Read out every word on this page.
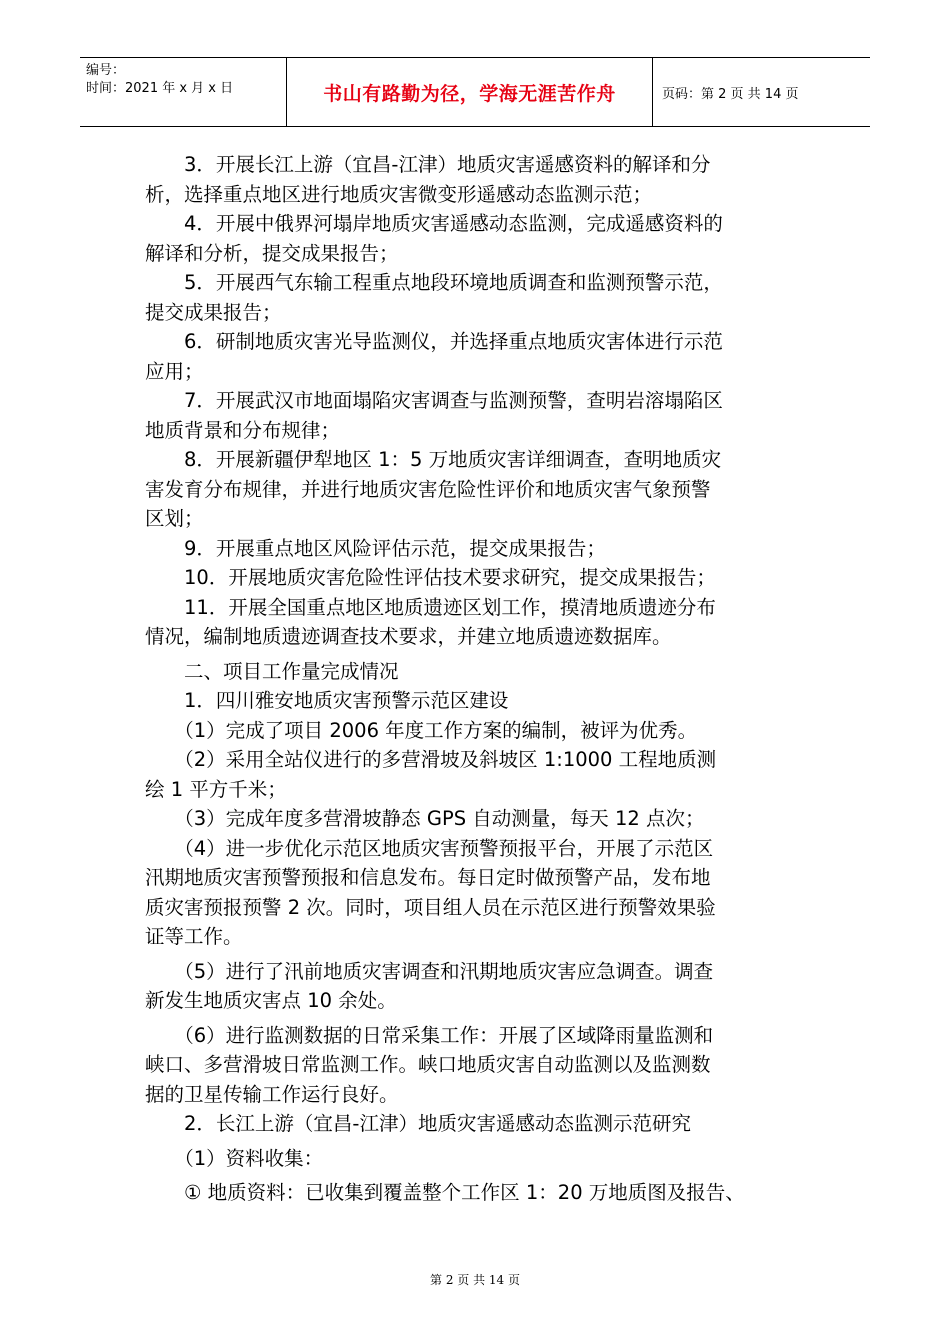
编号：
时间：2021 年 x 月 x 日	书山有路勤为径，学海无涯苦作舟	页码：第 2 页 共 14 页

　　3．开展长江上游（宜昌-江津）地质灾害遥感资料的解译和分

析，选择重点地区进行地质灾害微变形遥感动态监测示范；

　　4．开展中俄界河塌岸地质灾害遥感动态监测，完成遥感资料的

解译和分析，提交成果报告；

　　5．开展西气东输工程重点地段环境地质调查和监测预警示范，

提交成果报告；

　　6．研制地质灾害光导监测仪，并选择重点地质灾害体进行示范

应用；

　　7．开展武汉市地面塌陷灾害调查与监测预警，查明岩溶塌陷区

地质背景和分布规律；

　　8．开展新疆伊犁地区 1：5 万地质灾害详细调查，查明地质灾

害发育分布规律，并进行地质灾害危险性评价和地质灾害气象预警

区划；

　　9．开展重点地区风险评估示范，提交成果报告；

　　10．开展地质灾害危险性评估技术要求研究，提交成果报告；

　　11．开展全国重点地区地质遗迹区划工作，摸清地质遗迹分布

情况，编制地质遗迹调查技术要求，并建立地质遗迹数据库。

　　二、项目工作量完成情况

　　1．四川雅安地质灾害预警示范区建设

　　（1）完成了项目 2006 年度工作方案的编制，被评为优秀。

　　（2）采用全站仪进行的多营滑坡及斜坡区 1:1000 工程地质测

绘 1 平方千米；

　　（3）完成年度多营滑坡静态 GPS 自动测量，每天 12 点次；

　　（4）进一步优化示范区地质灾害预警预报平台，开展了示范区

汛期地质灾害预警预报和信息发布。每日定时做预警产品，发布地

质灾害预报预警 2 次。同时，项目组人员在示范区进行预警效果验

证等工作。

　　（5）进行了汛前地质灾害调查和汛期地质灾害应急调查。调查

新发生地质灾害点 10 余处。

　　（6）进行监测数据的日常采集工作：开展了区域降雨量监测和

峡口、多营滑坡日常监测工作。峡口地质灾害自动监测以及监测数

据的卫星传输工作运行良好。

　　2．长江上游（宜昌-江津）地质灾害遥感动态监测示范研究

　　（1）资料收集：

　　① 地质资料：已收集到覆盖整个工作区 1：20 万地质图及报告、

第 2 页 共 14 页
